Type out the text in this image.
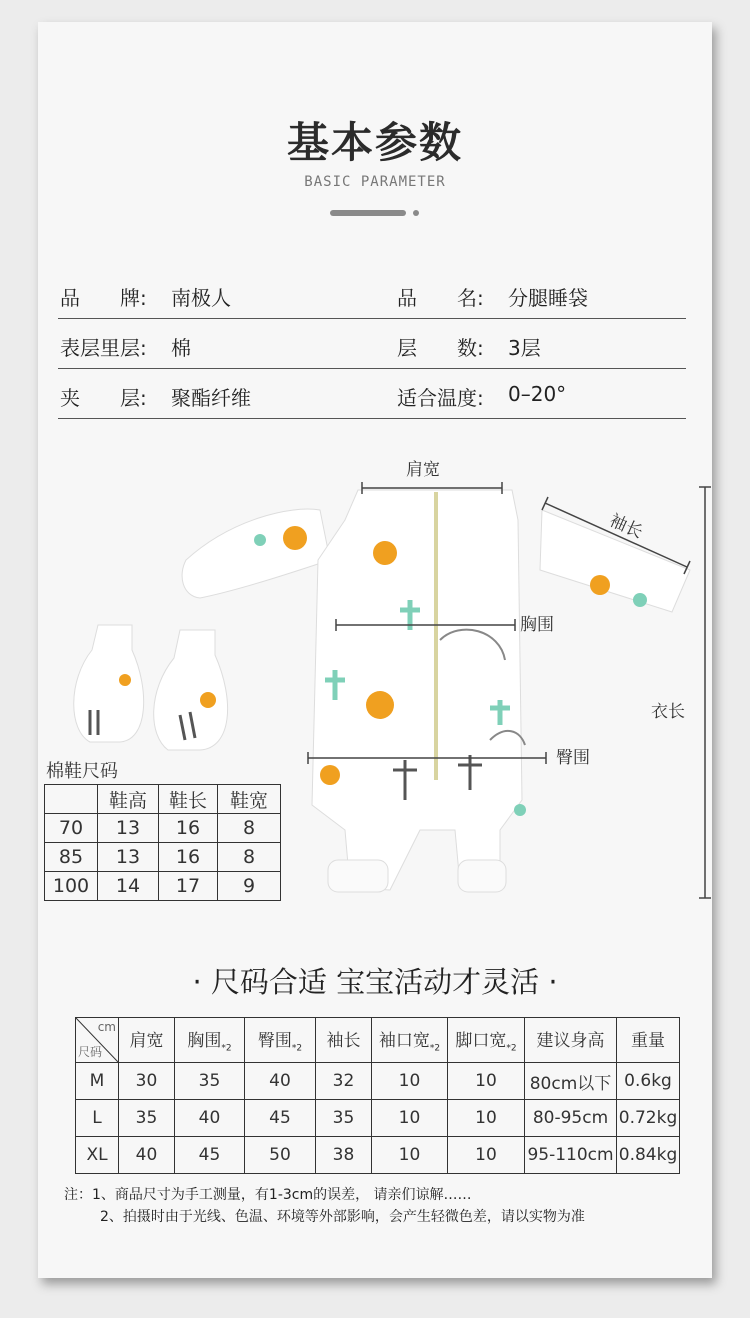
基本参数
BASIC PARAMETER
品　　牌: 南极人	品　　名: 分腿睡袋
表层里层: 棉	层　　数: 3层
夹　　层: 聚酯纤维	适合温度: 0–20°
肩宽
袖长
胸围
衣长
臀围
棉鞋尺码
	鞋高	鞋长	鞋宽
70	13	16	8
85	13	16	8
100	14	17	9
· 尺码合适 宝宝活动才灵活 ·
cm
尺码	肩宽	胸围$_{*2}$	臀围$_{*2}$	袖长	袖口宽$_{*2}$	脚口宽$_{*2}$	建议身高	重量
M	30	35	40	32	10	10	80cm以下	0.6kg
L	35	40	45	35	10	10	80-95cm	0.72kg
XL	40	45	50	38	10	10	95-110cm	0.84kg
注：1、商品尺寸为手工测量，有1-3cm的误差， 请亲们谅解……
2、拍摄时由于光线、色温、环境等外部影响，会产生轻微色差，请以实物为准
